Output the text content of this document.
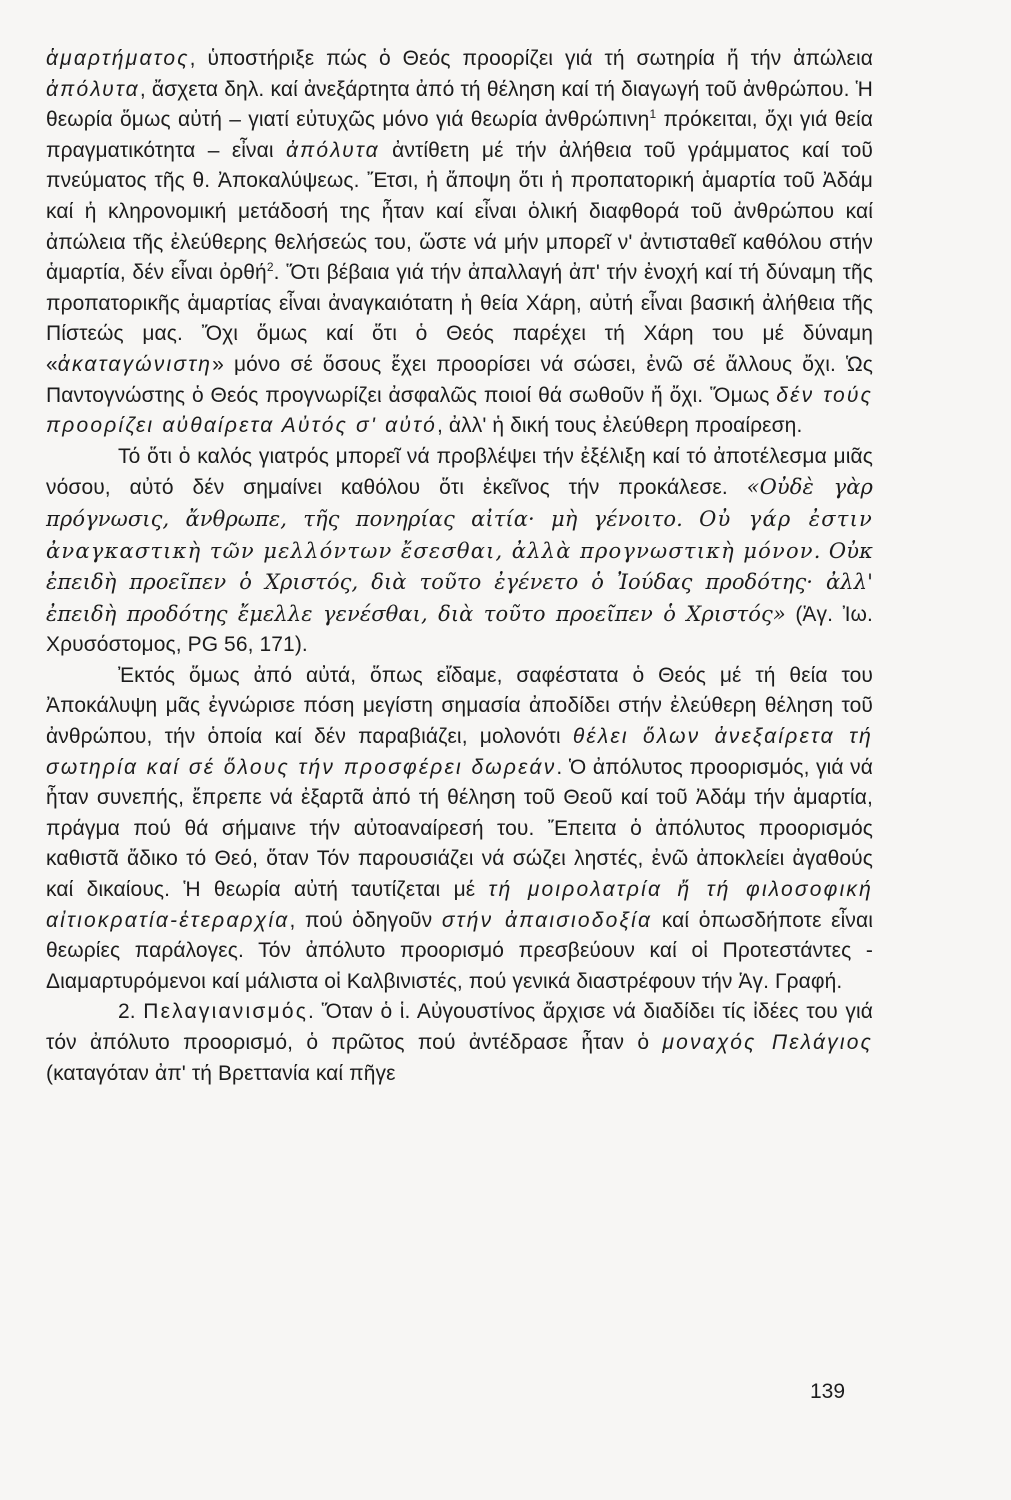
ἁμαρτήματος, ὑποστήριξε πώς ὁ Θεός προορίζει γιά τή σωτηρία ἤ τήν ἀπώλεια ἀπόλυτα, ἄσχετα δηλ. καί ἀνεξάρτητα ἀπό τή θέληση καί τή διαγωγή τοῦ ἀνθρώπου. Ἡ θεωρία ὅμως αὐτή – γιατί εὐτυχῶς μόνο γιά θεωρία ἀνθρώπινη$^1$ πρόκειται, ὄχι γιά θεία πραγματικότητα – εἶναι ἀπόλυτα ἀντίθετη μέ τήν ἀλήθεια τοῦ γράμματος καί τοῦ πνεύματος τῆς θ. Ἀποκαλύψεως. Ἔτσι, ἡ ἄποψη ὅτι ἡ προπατορική ἁμαρτία τοῦ Ἀδάμ καί ἡ κληρονομική μετάδοσή της ἦταν καί εἶναι ὁλική διαφθορά τοῦ ἀνθρώπου καί ἀπώλεια τῆς ἐλεύθερης θελήσεώς του, ὥστε νά μήν μπορεῖ ν' ἀντισταθεῖ καθόλου στήν ἁμαρτία, δέν εἶναι ὀρθή$^2$. Ὅτι βέβαια γιά τήν ἀπαλλαγή ἀπ' τήν ἐνοχή καί τή δύναμη τῆς προπατορικῆς ἁμαρτίας εἶναι ἀναγκαιότατη ἡ θεία Χάρη, αὐτή εἶναι βασική ἀλήθεια τῆς Πίστεώς μας. Ὄχι ὅμως καί ὅτι ὁ Θεός παρέχει τή Χάρη του μέ δύναμη «ἀκαταγώνιστη» μόνο σέ ὅσους ἔχει προορίσει νά σώσει, ἐνῶ σέ ἄλλους ὄχι. Ὡς Παντογνώστης ὁ Θεός προγνωρίζει ἀσφαλῶς ποιοί θά σωθοῦν ἤ ὄχι. Ὅμως δέν τούς προορίζει αὐθαίρετα Αὐτός σ' αὐτό, ἀλλ' ἡ δική τους ἐλεύθερη προαίρεση.

Τό ὅτι ὁ καλός γιατρός μπορεῖ νά προβλέψει τήν ἐξέλιξη καί τό ἀποτέλεσμα μιᾶς νόσου, αὐτό δέν σημαίνει καθόλου ὅτι ἐκεῖνος τήν προκάλεσε. «Οὐδὲ γὰρ πρόγνωσις, ἄνθρωπε, τῆς πονηρίας αἰτία· μὴ γένοιτο. Οὐ γάρ ἐστιν ἀναγκαστικὴ τῶν μελλόντων ἔσεσθαι, ἀλλὰ προγνωστικὴ μόνον. Οὐκ ἐπειδὴ προεῖπεν ὁ Χριστός, διὰ τοῦτο ἐγένετο ὁ Ἰούδας προδότης· ἀλλ' ἐπειδὴ προδότης ἔμελλε γενέσθαι, διὰ τοῦτο προεῖπεν ὁ Χριστός» (Ἁγ. Ἰω. Χρυσόστομος, PG 56, 171).

Ἐκτός ὅμως ἀπό αὐτά, ὅπως εἴδαμε, σαφέστατα ὁ Θεός μέ τή θεία του Ἀποκάλυψη μᾶς ἐγνώρισε πόση μεγίστη σημασία ἀποδίδει στήν ἐλεύθερη θέληση τοῦ ἀνθρώπου, τήν ὁποία καί δέν παραβιάζει, μολονότι θέλει ὅλων ἀνεξαίρετα τή σωτηρία καί σέ ὅλους τήν προσφέρει δωρεάν. Ὁ ἀπόλυτος προορισμός, γιά νά ἦταν συνεπής, ἔπρεπε νά ἐξαρτᾶ ἀπό τή θέληση τοῦ Θεοῦ καί τοῦ Ἀδάμ τήν ἁμαρτία, πράγμα πού θά σήμαινε τήν αὐτοαναίρεσή του. Ἔπειτα ὁ ἀπόλυτος προορισμός καθιστᾶ ἄδικο τό Θεό, ὅταν Τόν παρουσιάζει νά σώζει ληστές, ἐνῶ ἀποκλείει ἀγαθούς καί δικαίους. Ἡ θεωρία αὐτή ταυτίζεται μέ τή μοιρολατρία ἤ τή φιλοσοφική αἰτιοκρατία-ἑτεραρχία, πού ὁδηγοῦν στήν ἀπαισιοδοξία καί ὁπωσδήποτε εἶναι θεωρίες παράλογες. Τόν ἀπόλυτο προορισμό πρεσβεύουν καί οἱ Προτεστάντες - Διαμαρτυρόμενοι καί μάλιστα οἱ Καλβινιστές, πού γενικά διαστρέφουν τήν Ἁγ. Γραφή.

2. Πελαγιανισμός. Ὅταν ὁ ἱ. Αὐγουστίνος ἄρχισε νά διαδίδει τίς ἰδέες του γιά τόν ἀπόλυτο προορισμό, ὁ πρῶτος πού ἀντέδρασε ἦταν ὁ μοναχός Πελάγιος (καταγόταν ἀπ' τή Βρεττανία καί πῆγε

139
